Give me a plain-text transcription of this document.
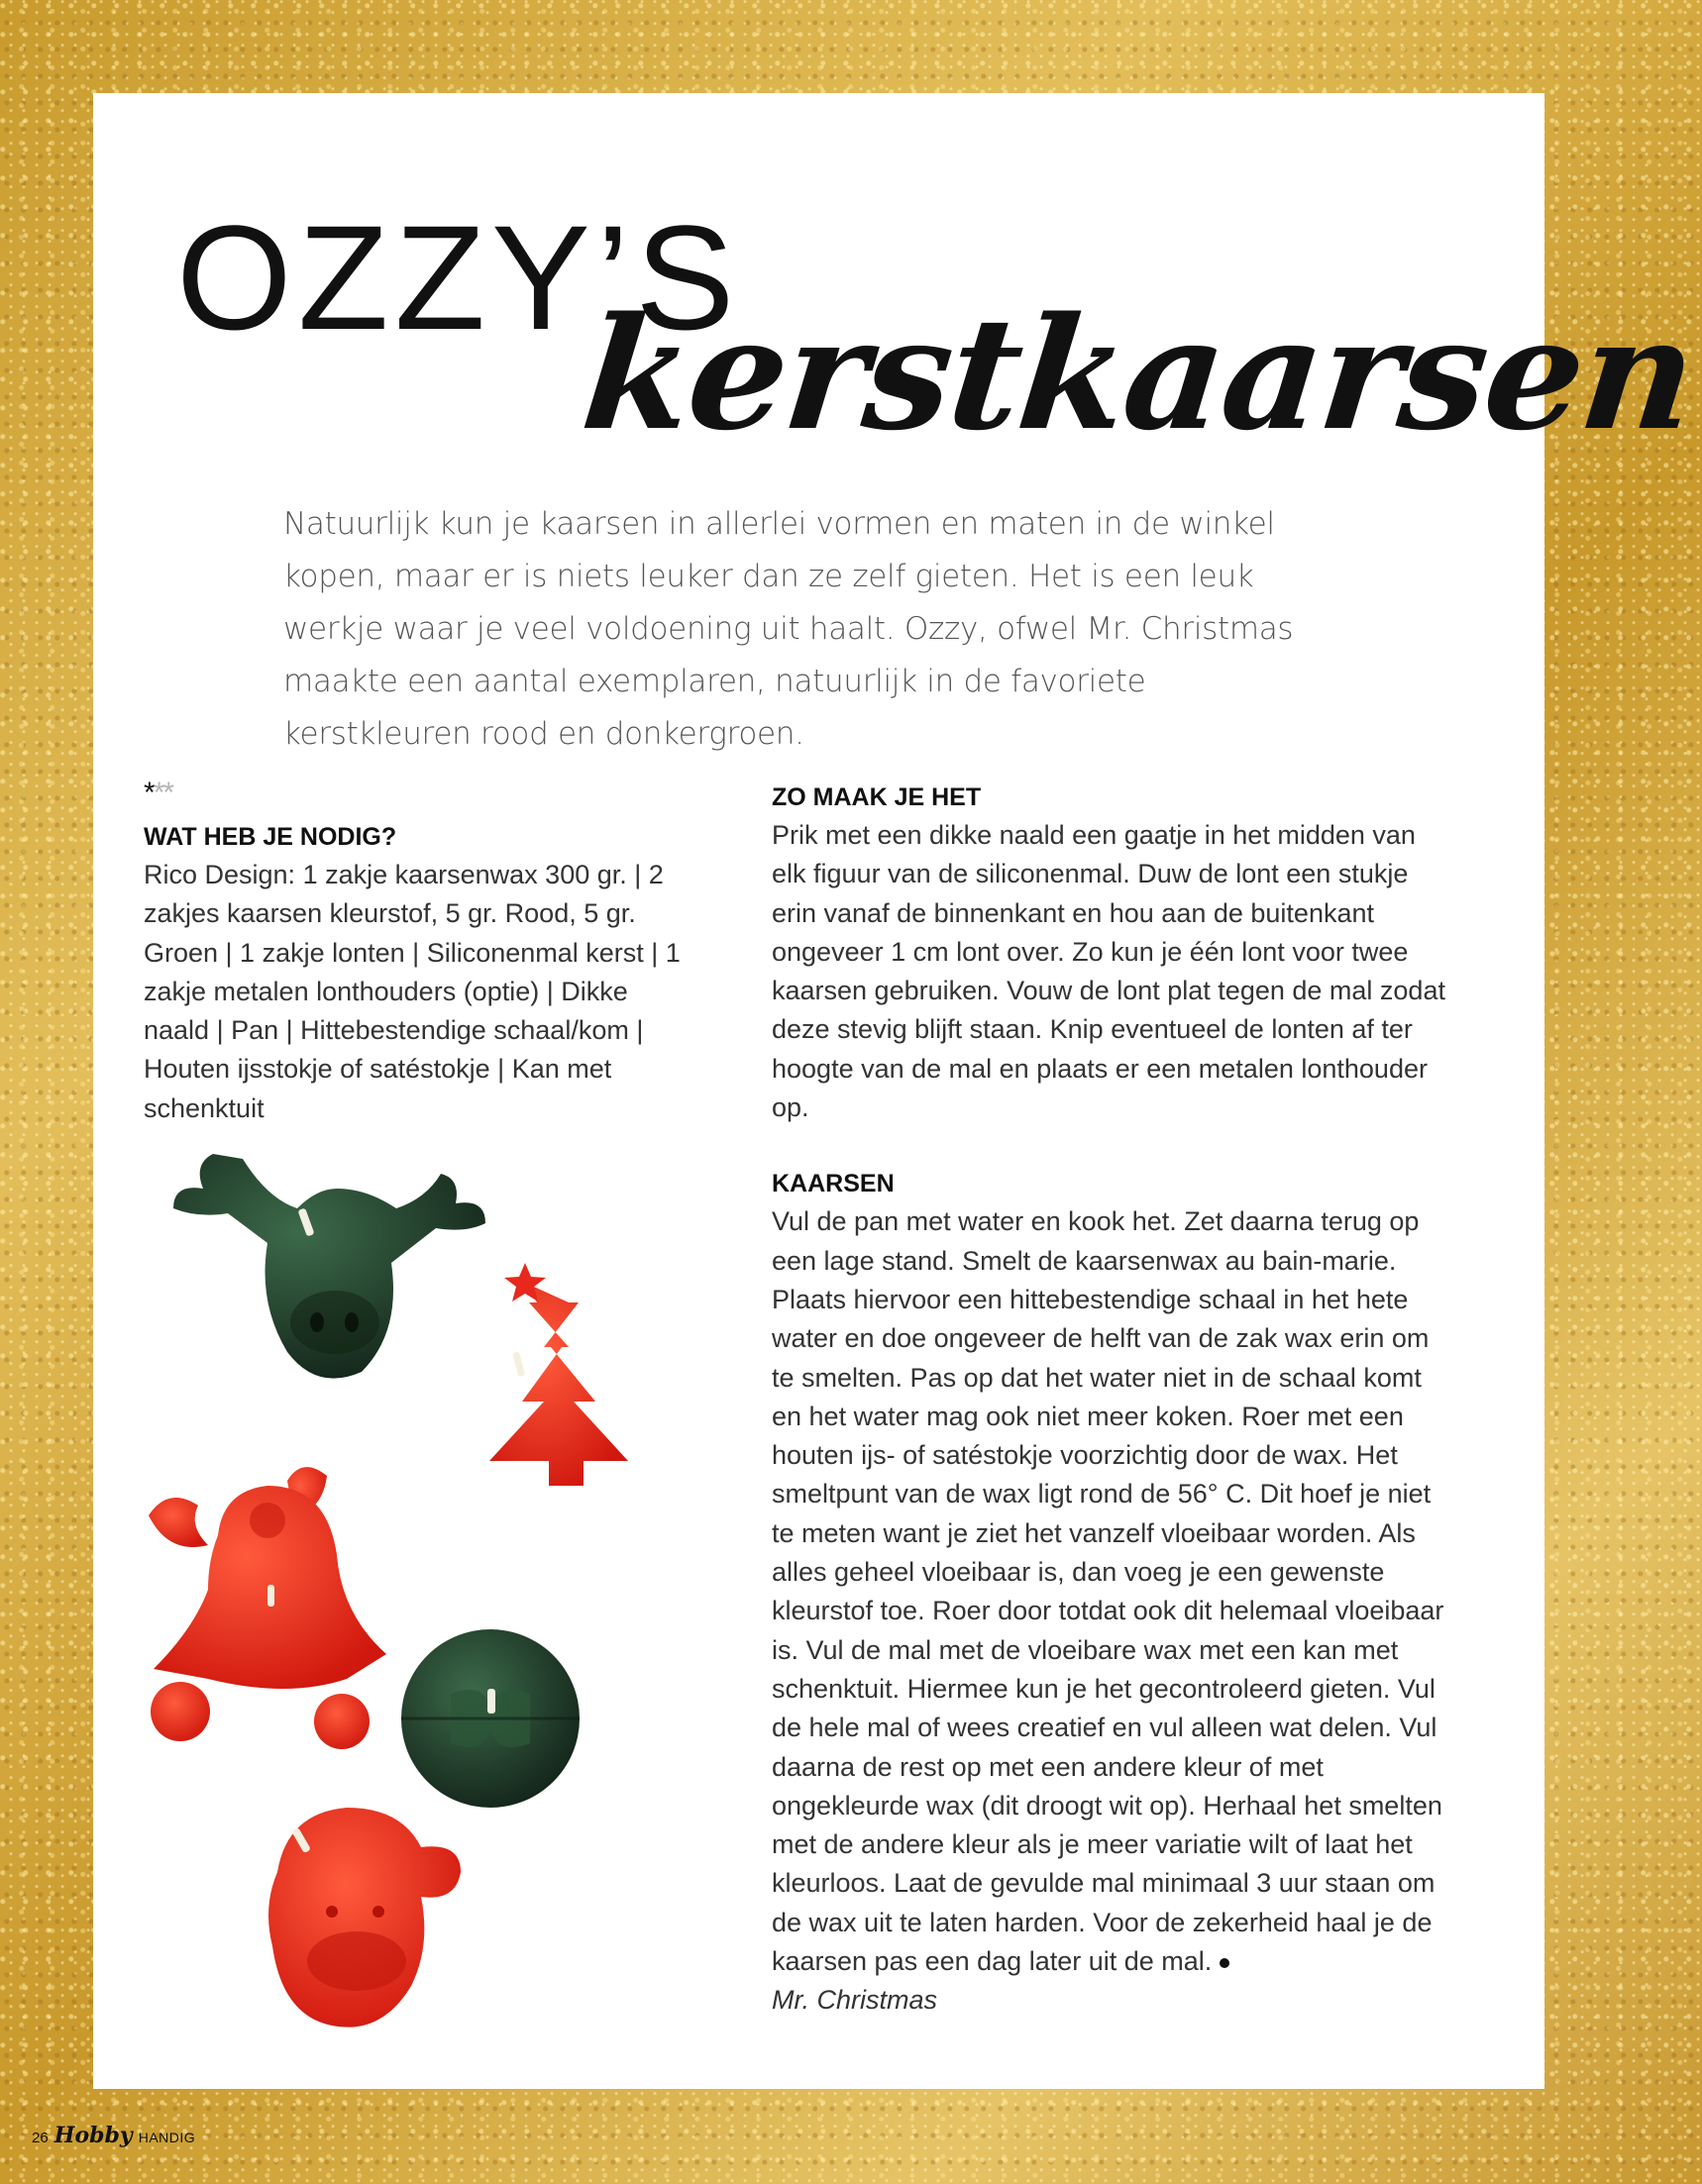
OZZY’S
kerstkaarsen

Natuurlijk kun je kaarsen in allerlei vormen en maten in de winkel kopen, maar er is niets leuker dan ze zelf gieten. Het is een leuk werkje waar je veel voldoening uit haalt. Ozzy, ofwel Mr. Christmas maakte een aantal exemplaren, natuurlijk in de favoriete kerstkleuren rood en donkergroen.

***
WAT HEB JE NODIG?

Rico Design: 1 zakje kaarsenwax 300 gr. | 2 zakjes kaarsen kleurstof, 5 gr. Rood, 5 gr. Groen | 1 zakje lonten | Siliconenmal kerst | 1 zakje metalen lonthouders (optie) | Dikke naald | Pan | Hittebestendige schaal/kom | Houten ijsstokje of satéstokje | Kan met schenktuit

ZO MAAK JE HET

Prik met een dikke naald een gaatje in het midden van elk figuur van de siliconenmal. Duw de lont een stukje erin vanaf de binnenkant en hou aan de buitenkant ongeveer 1 cm lont over. Zo kun je één lont voor twee kaarsen gebruiken. Vouw de lont plat tegen de mal zodat deze stevig blijft staan. Knip eventueel de lonten af ter hoogte van de mal en plaats er een metalen lonthouder op.

KAARSEN

Vul de pan met water en kook het. Zet daarna terug op een lage stand. Smelt de kaarsenwax au bain-marie. Plaats hiervoor een hittebestendige schaal in het hete water en doe ongeveer de helft van de zak wax erin om te smelten. Pas op dat het water niet in de schaal komt en het water mag ook niet meer koken. Roer met een houten ijs- of satéstokje voorzichtig door de wax. Het smeltpunt van de wax ligt rond de 56° C. Dit hoef je niet te meten want je ziet het vanzelf vloeibaar worden. Als alles geheel vloeibaar is, dan voeg je een gewenste kleurstof toe. Roer door totdat ook dit helemaal vloeibaar is. Vul de mal met de vloeibare wax met een kan met schenktuit. Hiermee kun je het gecontroleerd gieten. Vul de hele mal of wees creatief en vul alleen wat delen. Vul daarna de rest op met een andere kleur of met ongekleurde wax (dit droogt wit op). Herhaal het smelten met de andere kleur als je meer variatie wilt of laat het kleurloos. Laat de gevulde mal minimaal 3 uur staan om de wax uit te laten harden. Voor de zekerheid haal je de kaarsen pas een dag later uit de mal.

Mr. Christmas

26 Hobby HANDIG
